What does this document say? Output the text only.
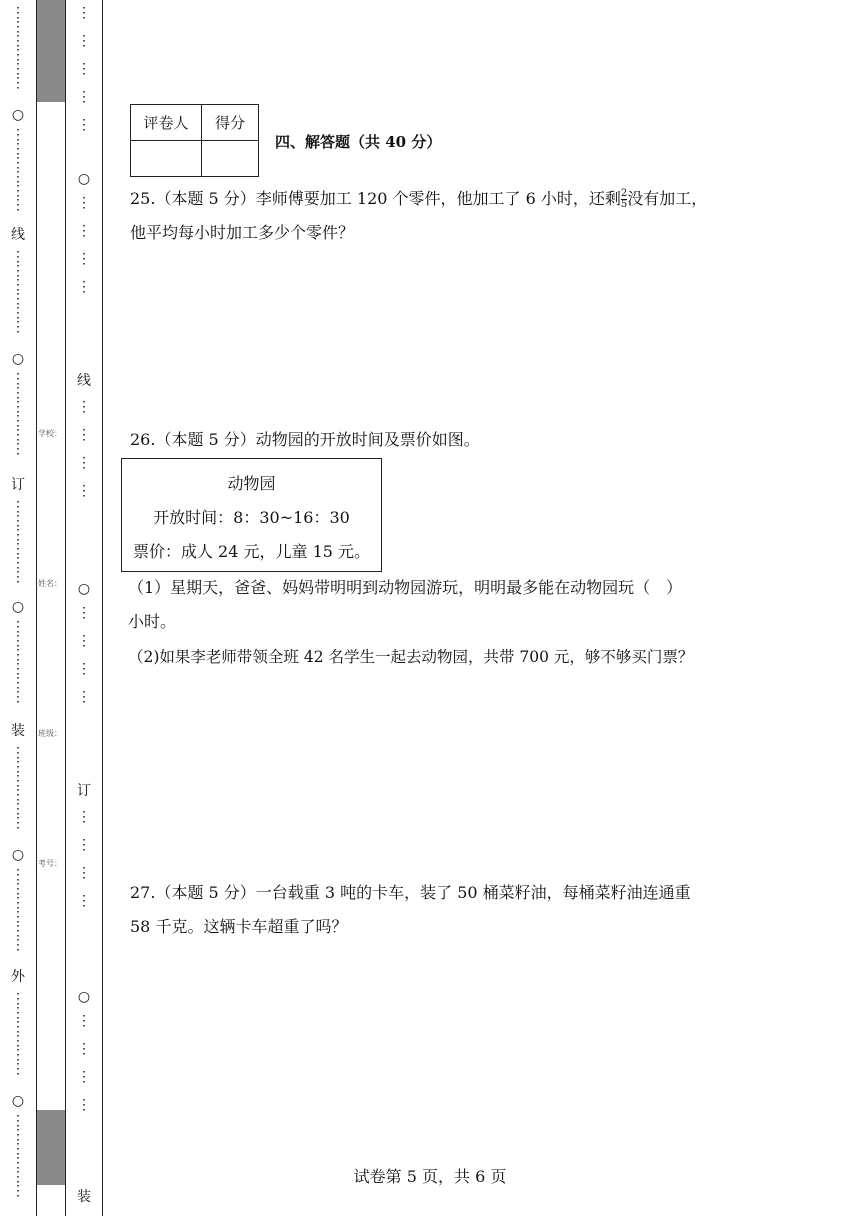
⋮
⋮
⋮
⋮
⋮
⋮

○
⋮
⋮
⋮
⋮
⋮
⋮

线
⋮
⋮
⋮
⋮
⋮
⋮

○
⋮
⋮
⋮
⋮
⋮
⋮

订
⋮
⋮
⋮
⋮
⋮
⋮

○
⋮
⋮
⋮
⋮
⋮
⋮

装
⋮
⋮
⋮
⋮
⋮
⋮

○
⋮
⋮
⋮
⋮
⋮
⋮

外
⋮
⋮
⋮
⋮
⋮
⋮

○
⋮
⋮
⋮
⋮
⋮
⋮

学校：
姓名：
班级：
考号：
⋮

⋮

⋮

⋮

⋮

○
⋮

⋮

⋮

⋮

线
⋮

⋮

⋮

⋮

○
⋮

⋮

⋮

⋮

订
⋮

⋮

⋮

⋮

○
⋮

⋮

⋮

⋮

装
评卷人	得分

四、解答题（共 40 分）
25.（本题 5 分）李师傅要加工 120 个零件，他加工了 6 小时，还剩 $\frac{2}{5}$ 没有加工，
他平均每小时加工多少个零件？
26.（本题 5 分）动物园的开放时间及票价如图。
动物园
开放时间：8：30~16：30
票价：成人 24 元，儿童 15 元。
（1）星期天，爸爸、妈妈带明明到动物园游玩，明明最多能在动物园玩（　）
小时。
（2)如果李老师带领全班 42 名学生一起去动物园，共带 700 元，够不够买门票？
27.（本题 5 分）一台载重 3 吨的卡车，装了 50 桶菜籽油，每桶菜籽油连通重
58 千克。这辆卡车超重了吗？
试卷第 5 页，共 6 页
